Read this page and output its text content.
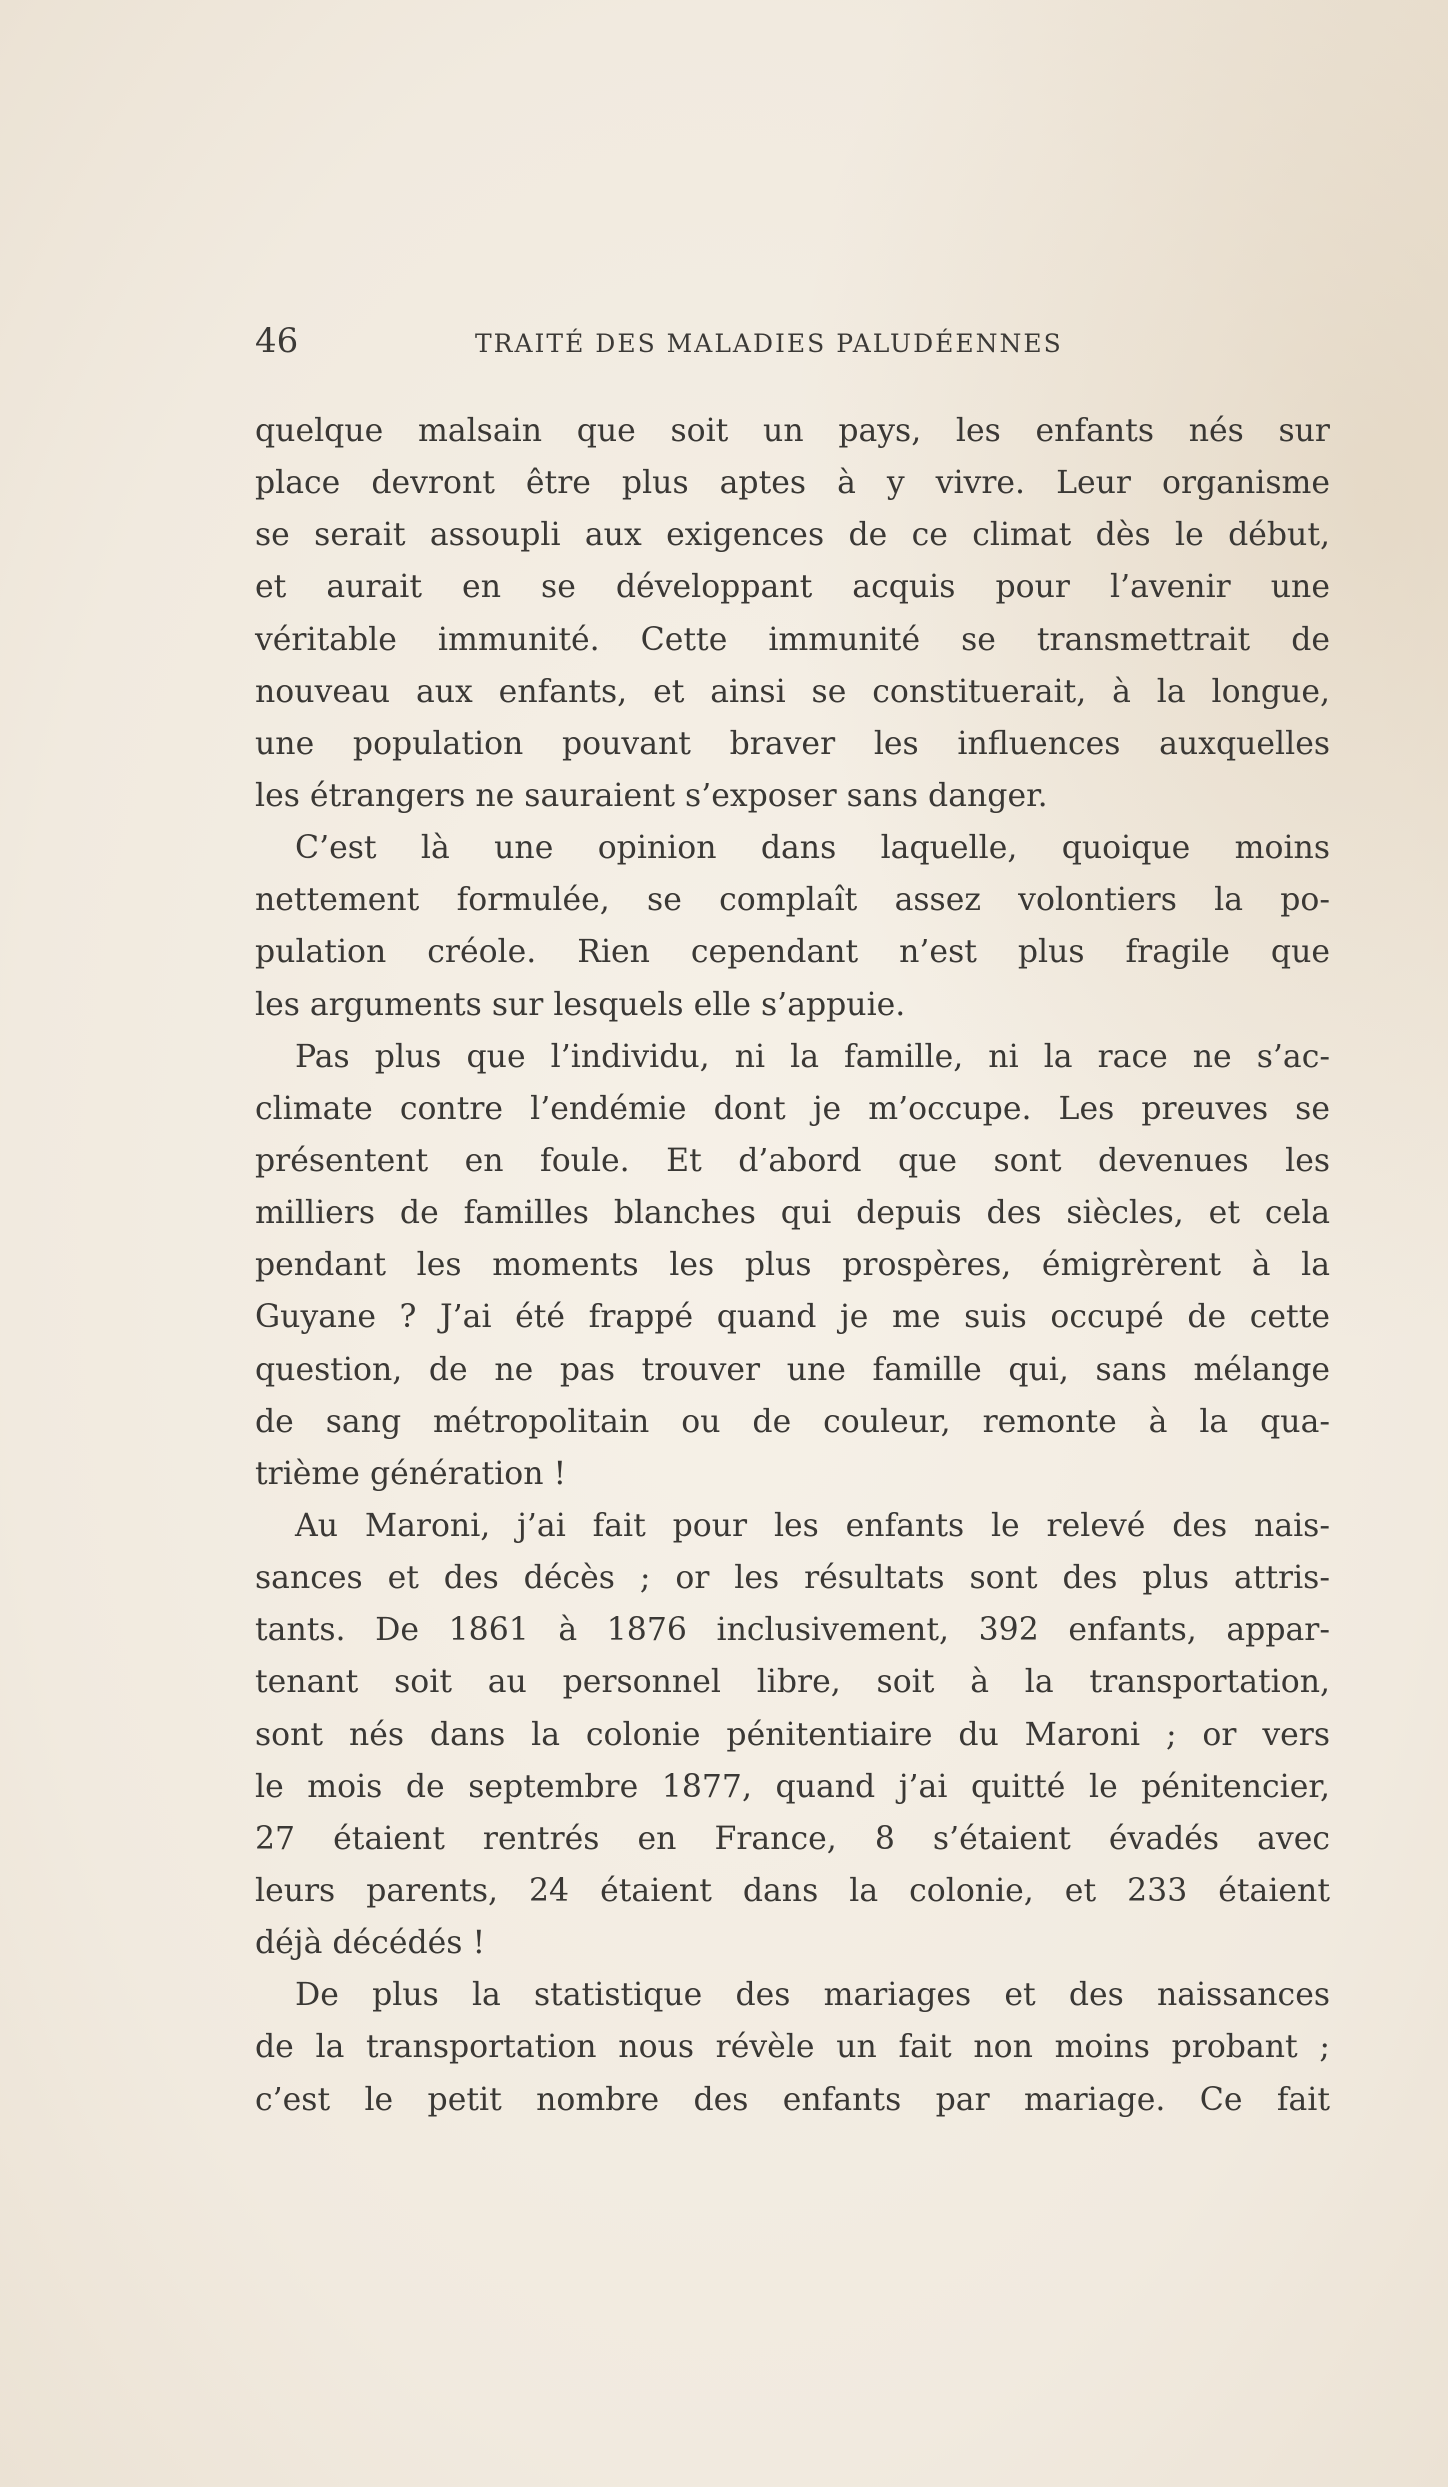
46	TRAITÉ DES MALADIES PALUDÉENNES
quelque malsain que soit un pays, les enfants nés sur
place devront être plus aptes à y vivre. Leur organisme
se serait assoupli aux exigences de ce climat dès le début,
et aurait en se développant acquis pour l’avenir une
véritable immunité. Cette immunité se transmettrait de
nouveau aux enfants, et ainsi se constituerait, à la longue,
une population pouvant braver les influences auxquelles
les étrangers ne sauraient s’exposer sans danger.
C’est là une opinion dans laquelle, quoique moins
nettement formulée, se complaît assez volontiers la po-
pulation créole. Rien cependant n’est plus fragile que
les arguments sur lesquels elle s’appuie.
Pas plus que l’individu, ni la famille, ni la race ne s’ac-
climate contre l’endémie dont je m’occupe. Les preuves se
présentent en foule. Et d’abord que sont devenues les
milliers de familles blanches qui depuis des siècles, et cela
pendant les moments les plus prospères, émigrèrent à la
Guyane ? J’ai été frappé quand je me suis occupé de cette
question, de ne pas trouver une famille qui, sans mélange
de sang métropolitain ou de couleur, remonte à la qua-
trième génération !
Au Maroni, j’ai fait pour les enfants le relevé des nais-
sances et des décès ; or les résultats sont des plus attris-
tants. De 1861 à 1876 inclusivement, 392 enfants, appar-
tenant soit au personnel libre, soit à la transportation,
sont nés dans la colonie pénitentiaire du Maroni ; or vers
le mois de septembre 1877, quand j’ai quitté le pénitencier,
27 étaient rentrés en France, 8 s’étaient évadés avec
leurs parents, 24 étaient dans la colonie, et 233 étaient
déjà décédés !
De plus la statistique des mariages et des naissances
de la transportation nous révèle un fait non moins probant ;
c’est le petit nombre des enfants par mariage. Ce fait
